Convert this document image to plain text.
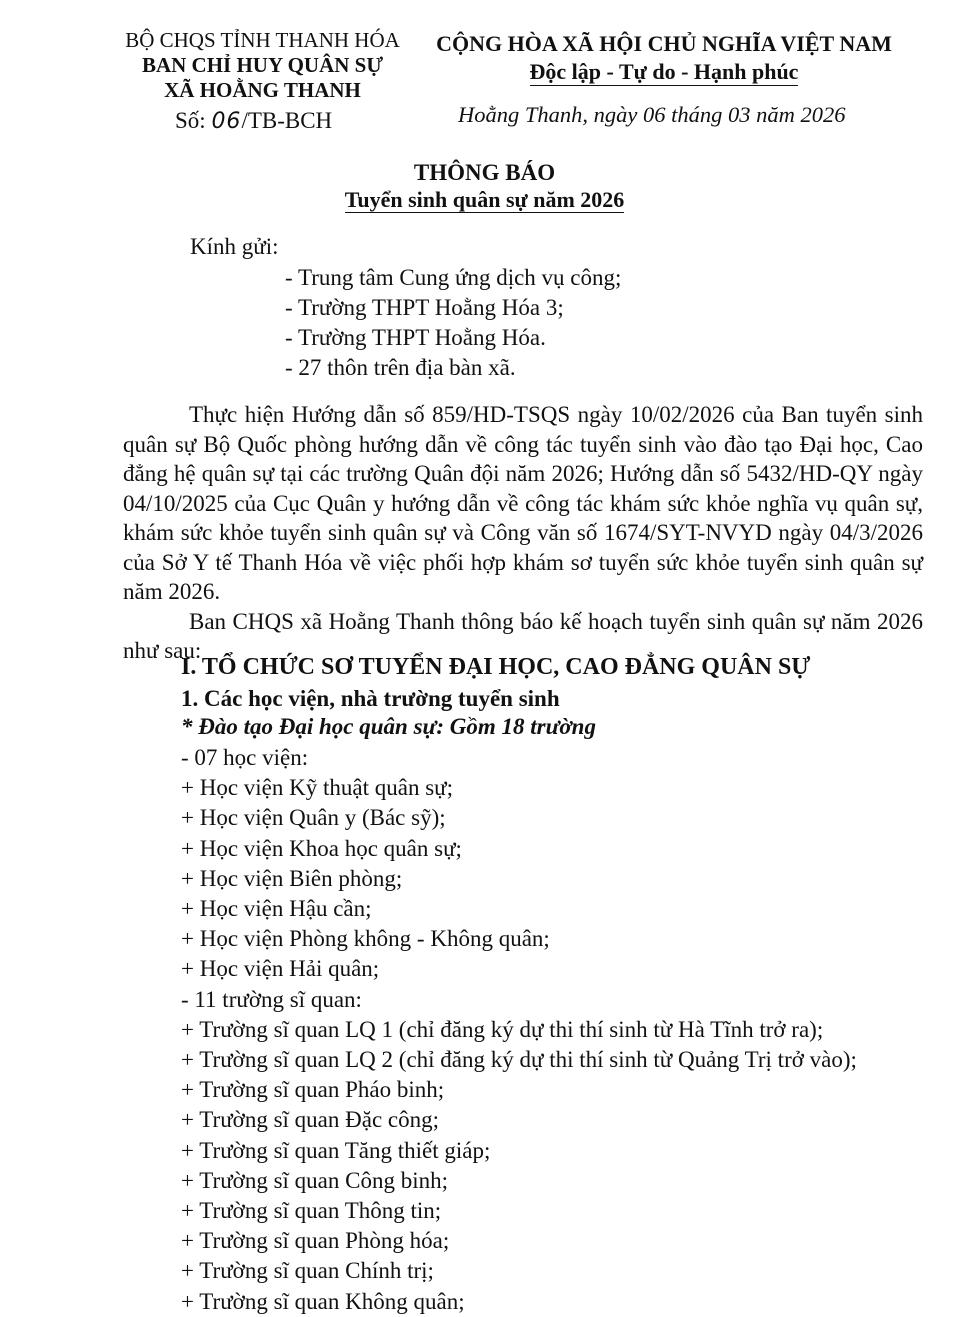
BỘ CHQS TỈNH THANH HÓA
BAN CHỈ HUY QUÂN SỰ
XÃ HOẰNG THANH
Số: 06/TB-BCH
CỘNG HÒA XÃ HỘI CHỦ NGHĨA VIỆT NAM
Độc lập - Tự do - Hạnh phúc
Hoằng Thanh, ngày 06 tháng 03 năm 2026
THÔNG BÁO
Tuyển sinh quân sự năm 2026
Kính gửi:
- Trung tâm Cung ứng dịch vụ công;
- Trường THPT Hoằng Hóa 3;
- Trường THPT Hoằng Hóa.
- 27 thôn trên địa bàn xã.

Thực hiện Hướng dẫn số 859/HD-TSQS ngày 10/02/2026 của Ban tuyển sinh quân sự Bộ Quốc phòng hướng dẫn về công tác tuyển sinh vào đào tạo Đại học, Cao đẳng hệ quân sự tại các trường Quân đội năm 2026; Hướng dẫn số 5432/HD-QY ngày 04/10/2025 của Cục Quân y hướng dẫn về công tác khám sức khỏe nghĩa vụ quân sự, khám sức khỏe tuyển sinh quân sự và Công văn số 1674/SYT-NVYD ngày 04/3/2026 của Sở Y tế Thanh Hóa về việc phối hợp khám sơ tuyển sức khỏe tuyển sinh quân sự năm 2026.

Ban CHQS xã Hoằng Thanh thông báo kế hoạch tuyển sinh quân sự năm 2026 như sau:

I. TỔ CHỨC SƠ TUYỂN ĐẠI HỌC, CAO ĐẲNG QUÂN SỰ
1. Các học viện, nhà trường tuyển sinh
* Đào tạo Đại học quân sự: Gồm 18 trường
- 07 học viện:
+ Học viện Kỹ thuật quân sự;
+ Học viện Quân y (Bác sỹ);
+ Học viện Khoa học quân sự;
+ Học viện Biên phòng;
+ Học viện Hậu cần;
+ Học viện Phòng không - Không quân;
+ Học viện Hải quân;
- 11 trường sĩ quan:
+ Trường sĩ quan LQ 1 (chỉ đăng ký dự thi thí sinh từ Hà Tĩnh trở ra);
+ Trường sĩ quan LQ 2 (chỉ đăng ký dự thi thí sinh từ Quảng Trị trở vào);
+ Trường sĩ quan Pháo binh;
+ Trường sĩ quan Đặc công;
+ Trường sĩ quan Tăng thiết giáp;
+ Trường sĩ quan Công binh;
+ Trường sĩ quan Thông tin;
+ Trường sĩ quan Phòng hóa;
+ Trường sĩ quan Chính trị;
+ Trường sĩ quan Không quân;
